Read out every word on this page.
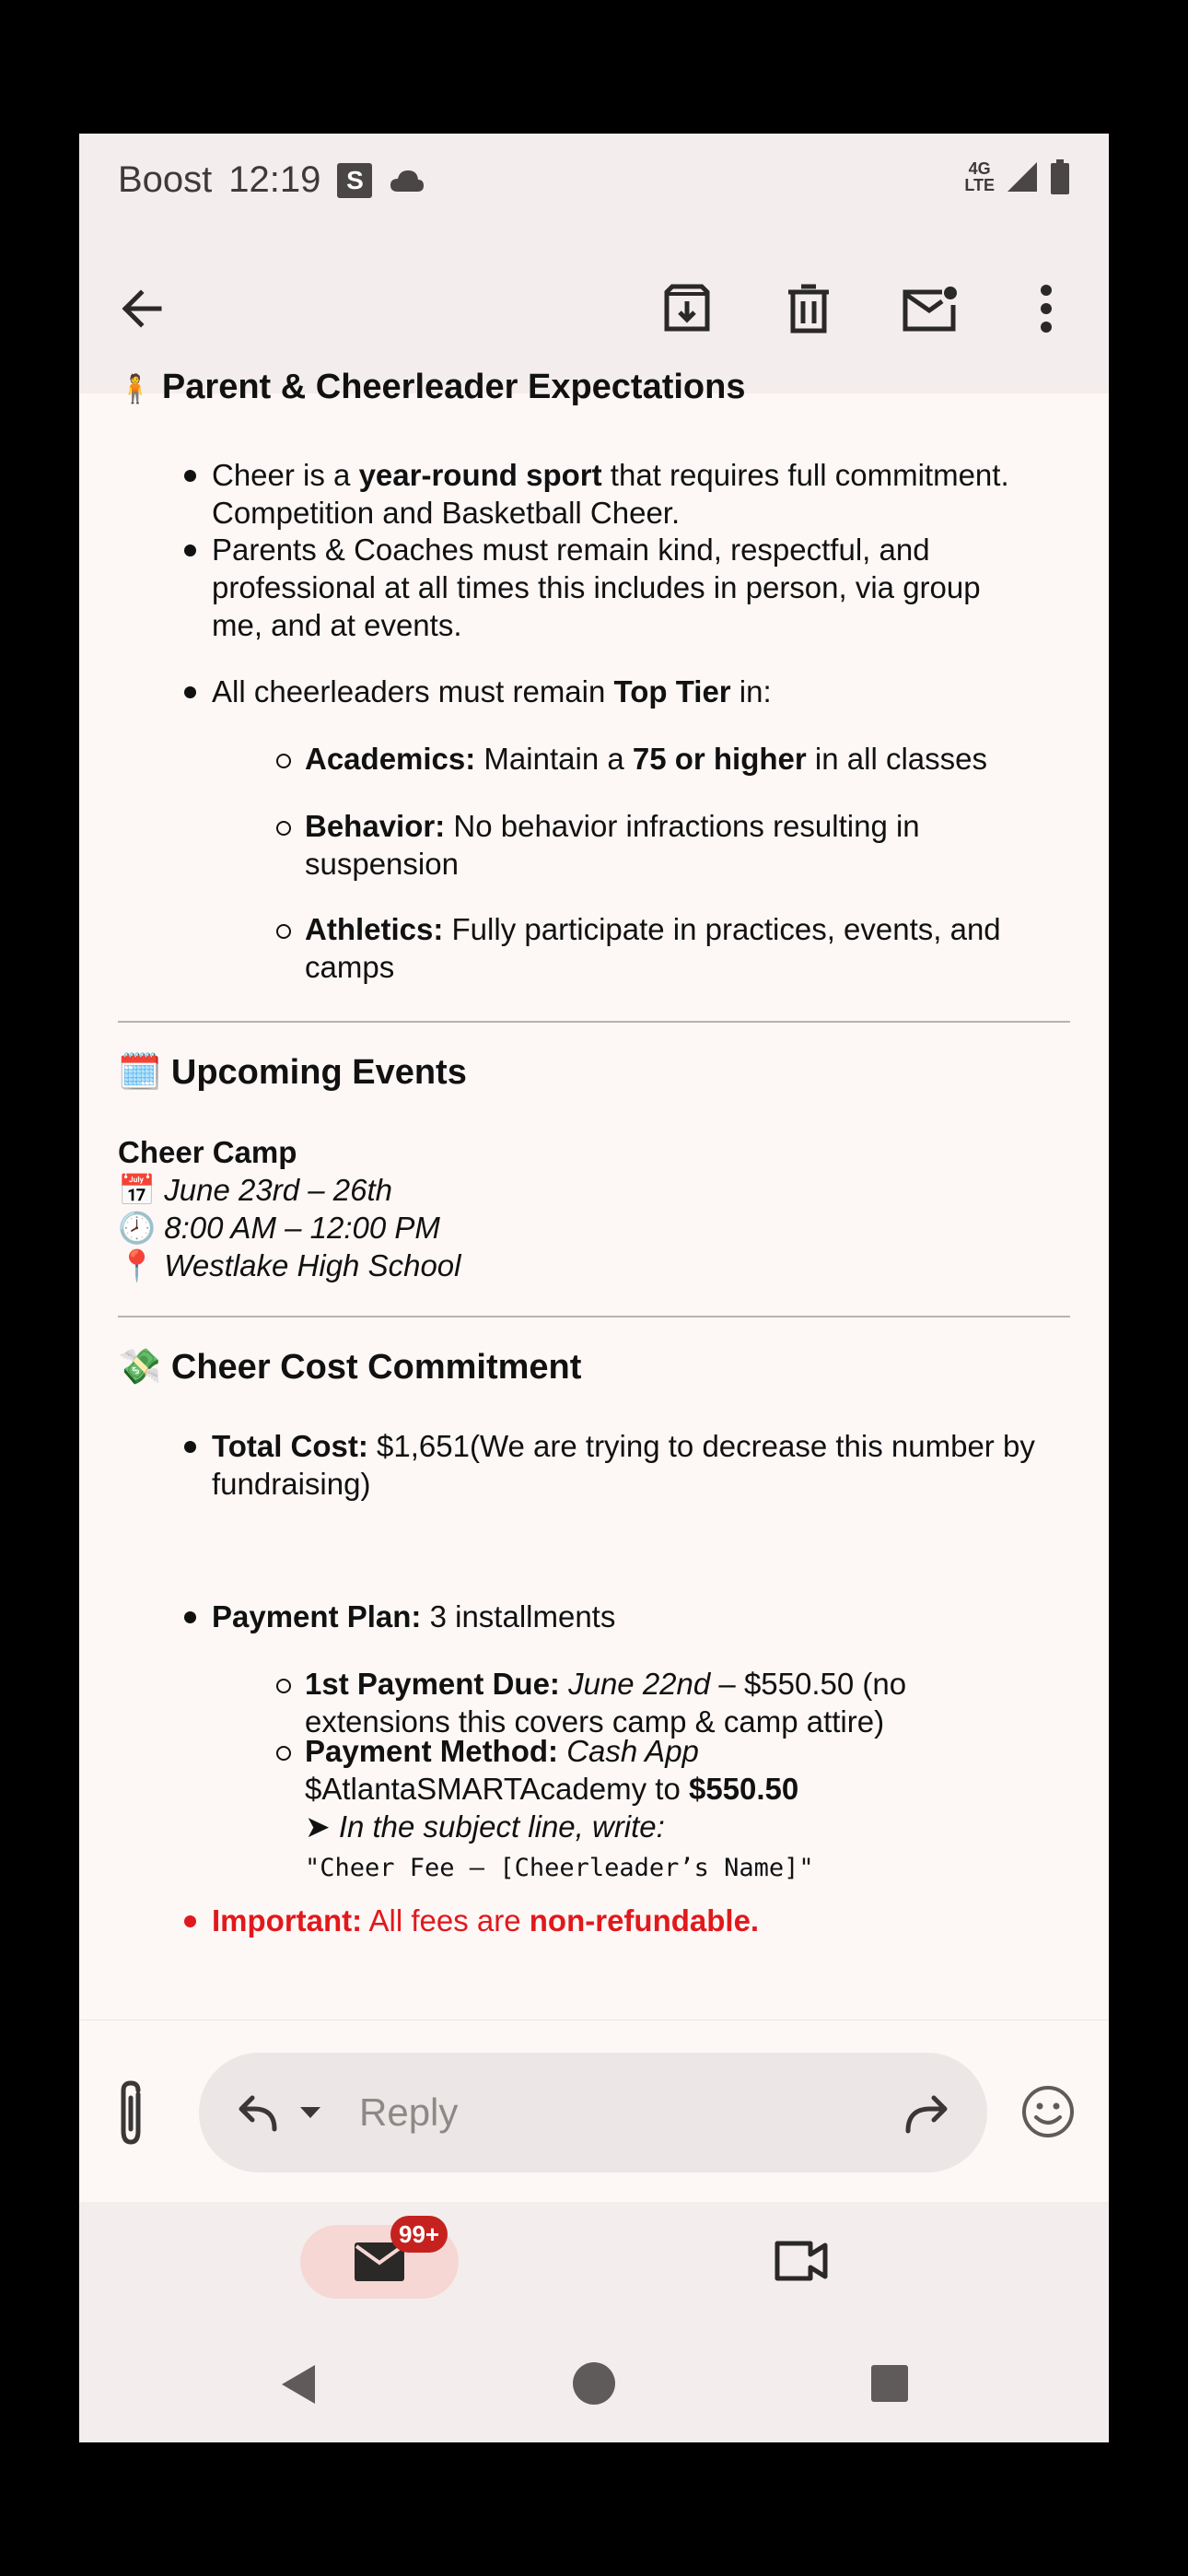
Boost 12:19 S	4G
LTE
🧍 Parent & Cheerleader Expectations
Cheer is a year-round sport that requires full commitment.
Competition and Basketball Cheer.
Parents & Coaches must remain kind, respectful, and
professional at all times this includes in person, via group
me, and at events.
All cheerleaders must remain Top Tier in:
Academics: Maintain a 75 or higher in all classes
Behavior: No behavior infractions resulting in
suspension
Athletics: Fully participate in practices, events, and
camps
🗓️ Upcoming Events
Cheer Camp
📅 June 23rd – 26th
🕗 8:00 AM – 12:00 PM
📍 Westlake High School
💸 Cheer Cost Commitment
Total Cost: $1,651(We are trying to decrease this number by
fundraising)
Payment Plan: 3 installments
1st Payment Due: June 22nd – $550.50 (no
extensions this covers camp & camp attire)
Payment Method: Cash App
$AtlantaSMARTAcademy to $550.50
➤ In the subject line, write:
"Cheer Fee – [Cheerleader’s Name]"
Important: All fees are non-refundable.
Reply
99+
